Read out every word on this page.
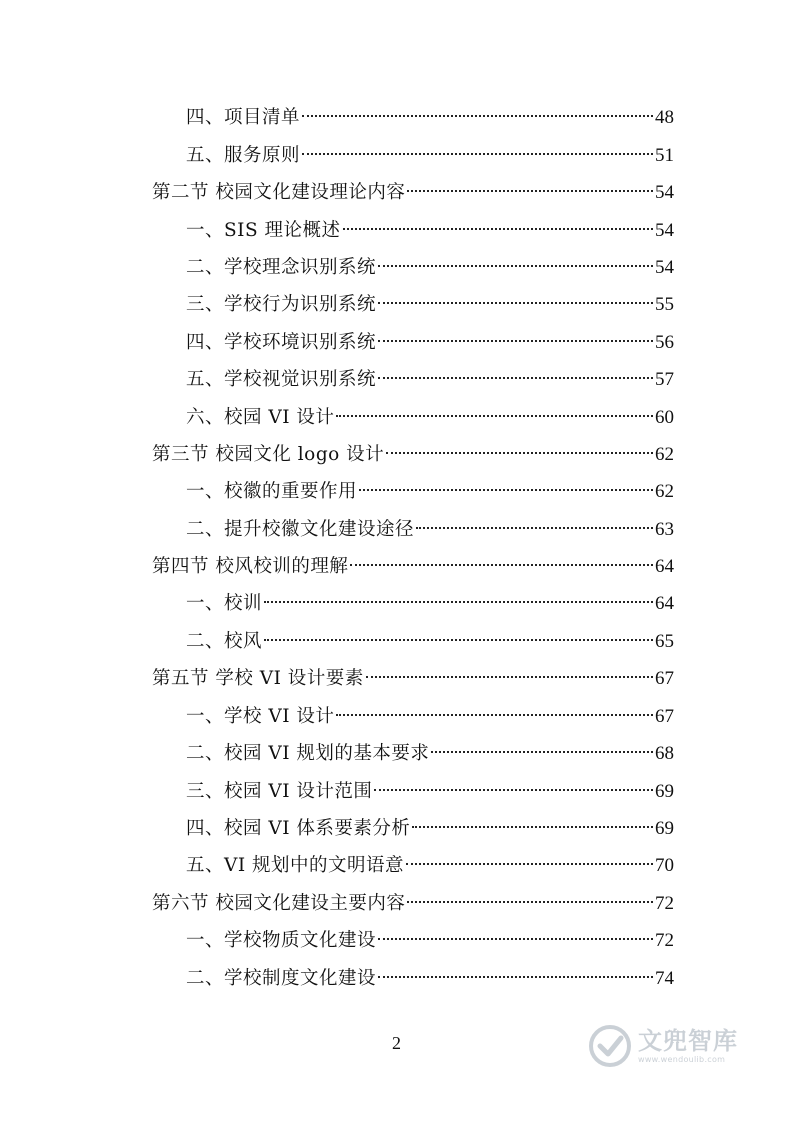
四、项目清单	48
五、服务原则	51
第二节 校园文化建设理论内容	54
一、SIS 理论概述	54
二、学校理念识别系统	54
三、学校行为识别系统	55
四、学校环境识别系统	56
五、学校视觉识别系统	57
六、校园 VI 设计	60
第三节 校园文化 logo 设计	62
一、校徽的重要作用	62
二、提升校徽文化建设途径	63
第四节 校风校训的理解	64
一、校训	64
二、校风	65
第五节 学校 VI 设计要素	67
一、学校 VI 设计	67
二、校园 VI 规划的基本要求	68
三、校园 VI 设计范围	69
四、校园 VI 体系要素分析	69
五、VI 规划中的文明语意	70
第六节 校园文化建设主要内容	72
一、学校物质文化建设	72
二、学校制度文化建设	74
2	文兜智库
www.wendoulib.com
